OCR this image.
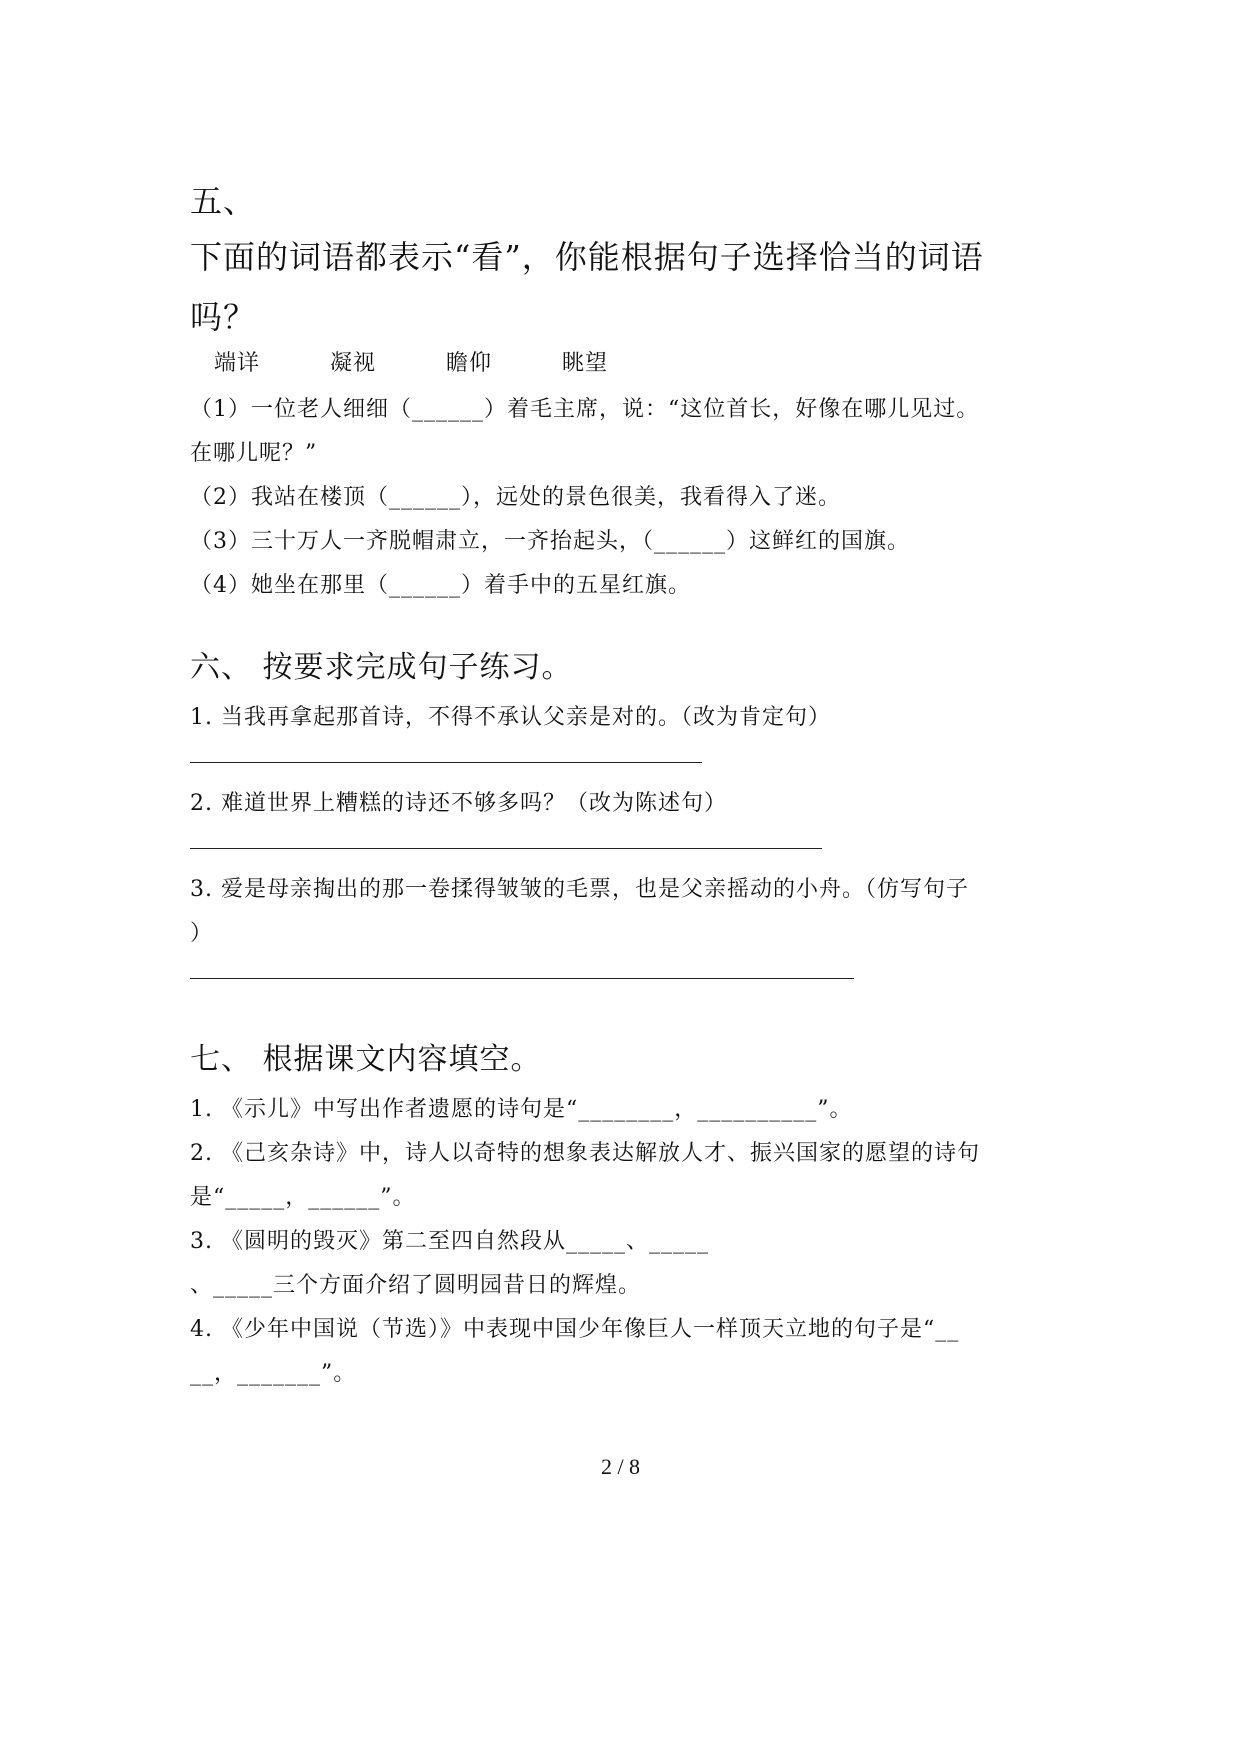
五、
下面的词语都表示“看”，你能根据句子选择恰当的词语
吗？
端详	凝视	瞻仰	眺望
（1）一位老人细细（______）着毛主席，说：“这位首长，好像在哪儿见过。
在哪儿呢？”
（2）我站在楼顶（______），远处的景色很美，我看得入了迷。
（3）三十万人一齐脱帽肃立，一齐抬起头，（______）这鲜红的国旗。
（4）她坐在那里（______）着手中的五星红旗。
六、 按要求完成句子练习。
1. 当我再拿起那首诗，不得不承认父亲是对的。（改为肯定句）
2. 难道世界上糟糕的诗还不够多吗？（改为陈述句）
3. 爱是母亲掏出的那一卷揉得皱皱的毛票，也是父亲摇动的小舟。（仿写句子
）
七、 根据课文内容填空。
1. 《示儿》中写出作者遗愿的诗句是“________，__________”。
2. 《己亥杂诗》中，诗人以奇特的想象表达解放人才、振兴国家的愿望的诗句
是“_____，______”。
3. 《圆明的毁灭》第二至四自然段从_____、_____
、_____三个方面介绍了圆明园昔日的辉煌。
4. 《少年中国说（节选）》中表现中国少年像巨人一样顶天立地的句子是“__
__，_______”。
2 / 8
